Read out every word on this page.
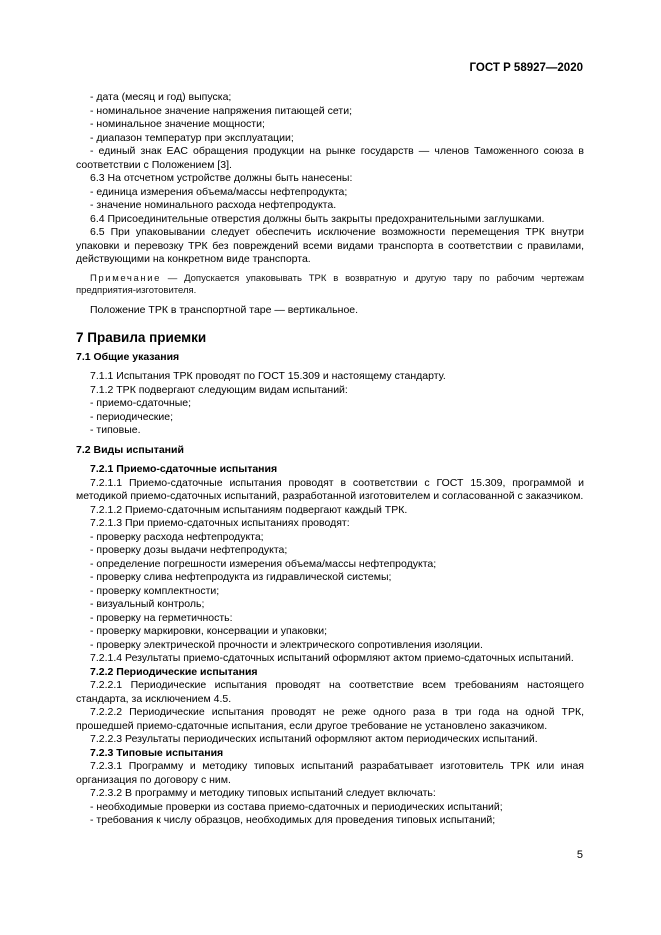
ГОСТ Р 58927—2020

- дата (месяц и год) выпуска;

- номинальное значение напряжения питающей сети;

- номинальное значение мощности;

- диапазон температур при эксплуатации;

- единый знак ЕАС обращения продукции на рынке государств — членов Таможенного союза в соответствии с Положением [3].

6.3 На отсчетном устройстве должны быть нанесены:

- единица измерения объема/массы нефтепродукта;

- значение номинального расхода нефтепродукта.

6.4 Присоединительные отверстия должны быть закрыты предохранительными заглушками.

6.5 При упаковывании следует обеспечить исключение возможности перемещения ТРК внутри упаковки и перевозку ТРК без повреждений всеми видами транспорта в соответствии с правилами, действующими на конкретном виде транспорта.

Примечание — Допускается упаковывать ТРК в возвратную и другую тару по рабочим чертежам предприятия-изготовителя.

Положение ТРК в транспортной таре — вертикальное.

7 Правила приемки

7.1 Общие указания

7.1.1 Испытания ТРК проводят по ГОСТ 15.309 и настоящему стандарту.

7.1.2 ТРК подвергают следующим видам испытаний:

- приемо-сдаточные;

- периодические;

- типовые.

7.2 Виды испытаний

7.2.1 Приемо-сдаточные испытания

7.2.1.1 Приемо-сдаточные испытания проводят в соответствии с ГОСТ 15.309, программой и методикой приемо-сдаточных испытаний, разработанной изготовителем и согласованной с заказчиком.

7.2.1.2 Приемо-сдаточным испытаниям подвергают каждый ТРК.

7.2.1.3 При приемо-сдаточных испытаниях проводят:

- проверку расхода нефтепродукта;

- проверку дозы выдачи нефтепродукта;

- определение погрешности измерения объема/массы нефтепродукта;

- проверку слива нефтепродукта из гидравлической системы;

- проверку комплектности;

- визуальный контроль;

- проверку на герметичность:

- проверку маркировки, консервации и упаковки;

- проверку электрической прочности и электрического сопротивления изоляции.

7.2.1.4 Результаты приемо-сдаточных испытаний оформляют актом приемо-сдаточных испытаний.

7.2.2 Периодические испытания

7.2.2.1 Периодические испытания проводят на соответствие всем требованиям настоящего стандарта, за исключением 4.5.

7.2.2.2 Периодические испытания проводят не реже одного раза в три года на одной ТРК, прошедшей приемо-сдаточные испытания, если другое требование не установлено заказчиком.

7.2.2.3 Результаты периодических испытаний оформляют актом периодических испытаний.

7.2.3 Типовые испытания

7.2.3.1 Программу и методику типовых испытаний разрабатывает изготовитель ТРК или иная организация по договору с ним.

7.2.3.2 В программу и методику типовых испытаний следует включать:

- необходимые проверки из состава приемо-сдаточных и периодических испытаний;

- требования к числу образцов, необходимых для проведения типовых испытаний;

5
